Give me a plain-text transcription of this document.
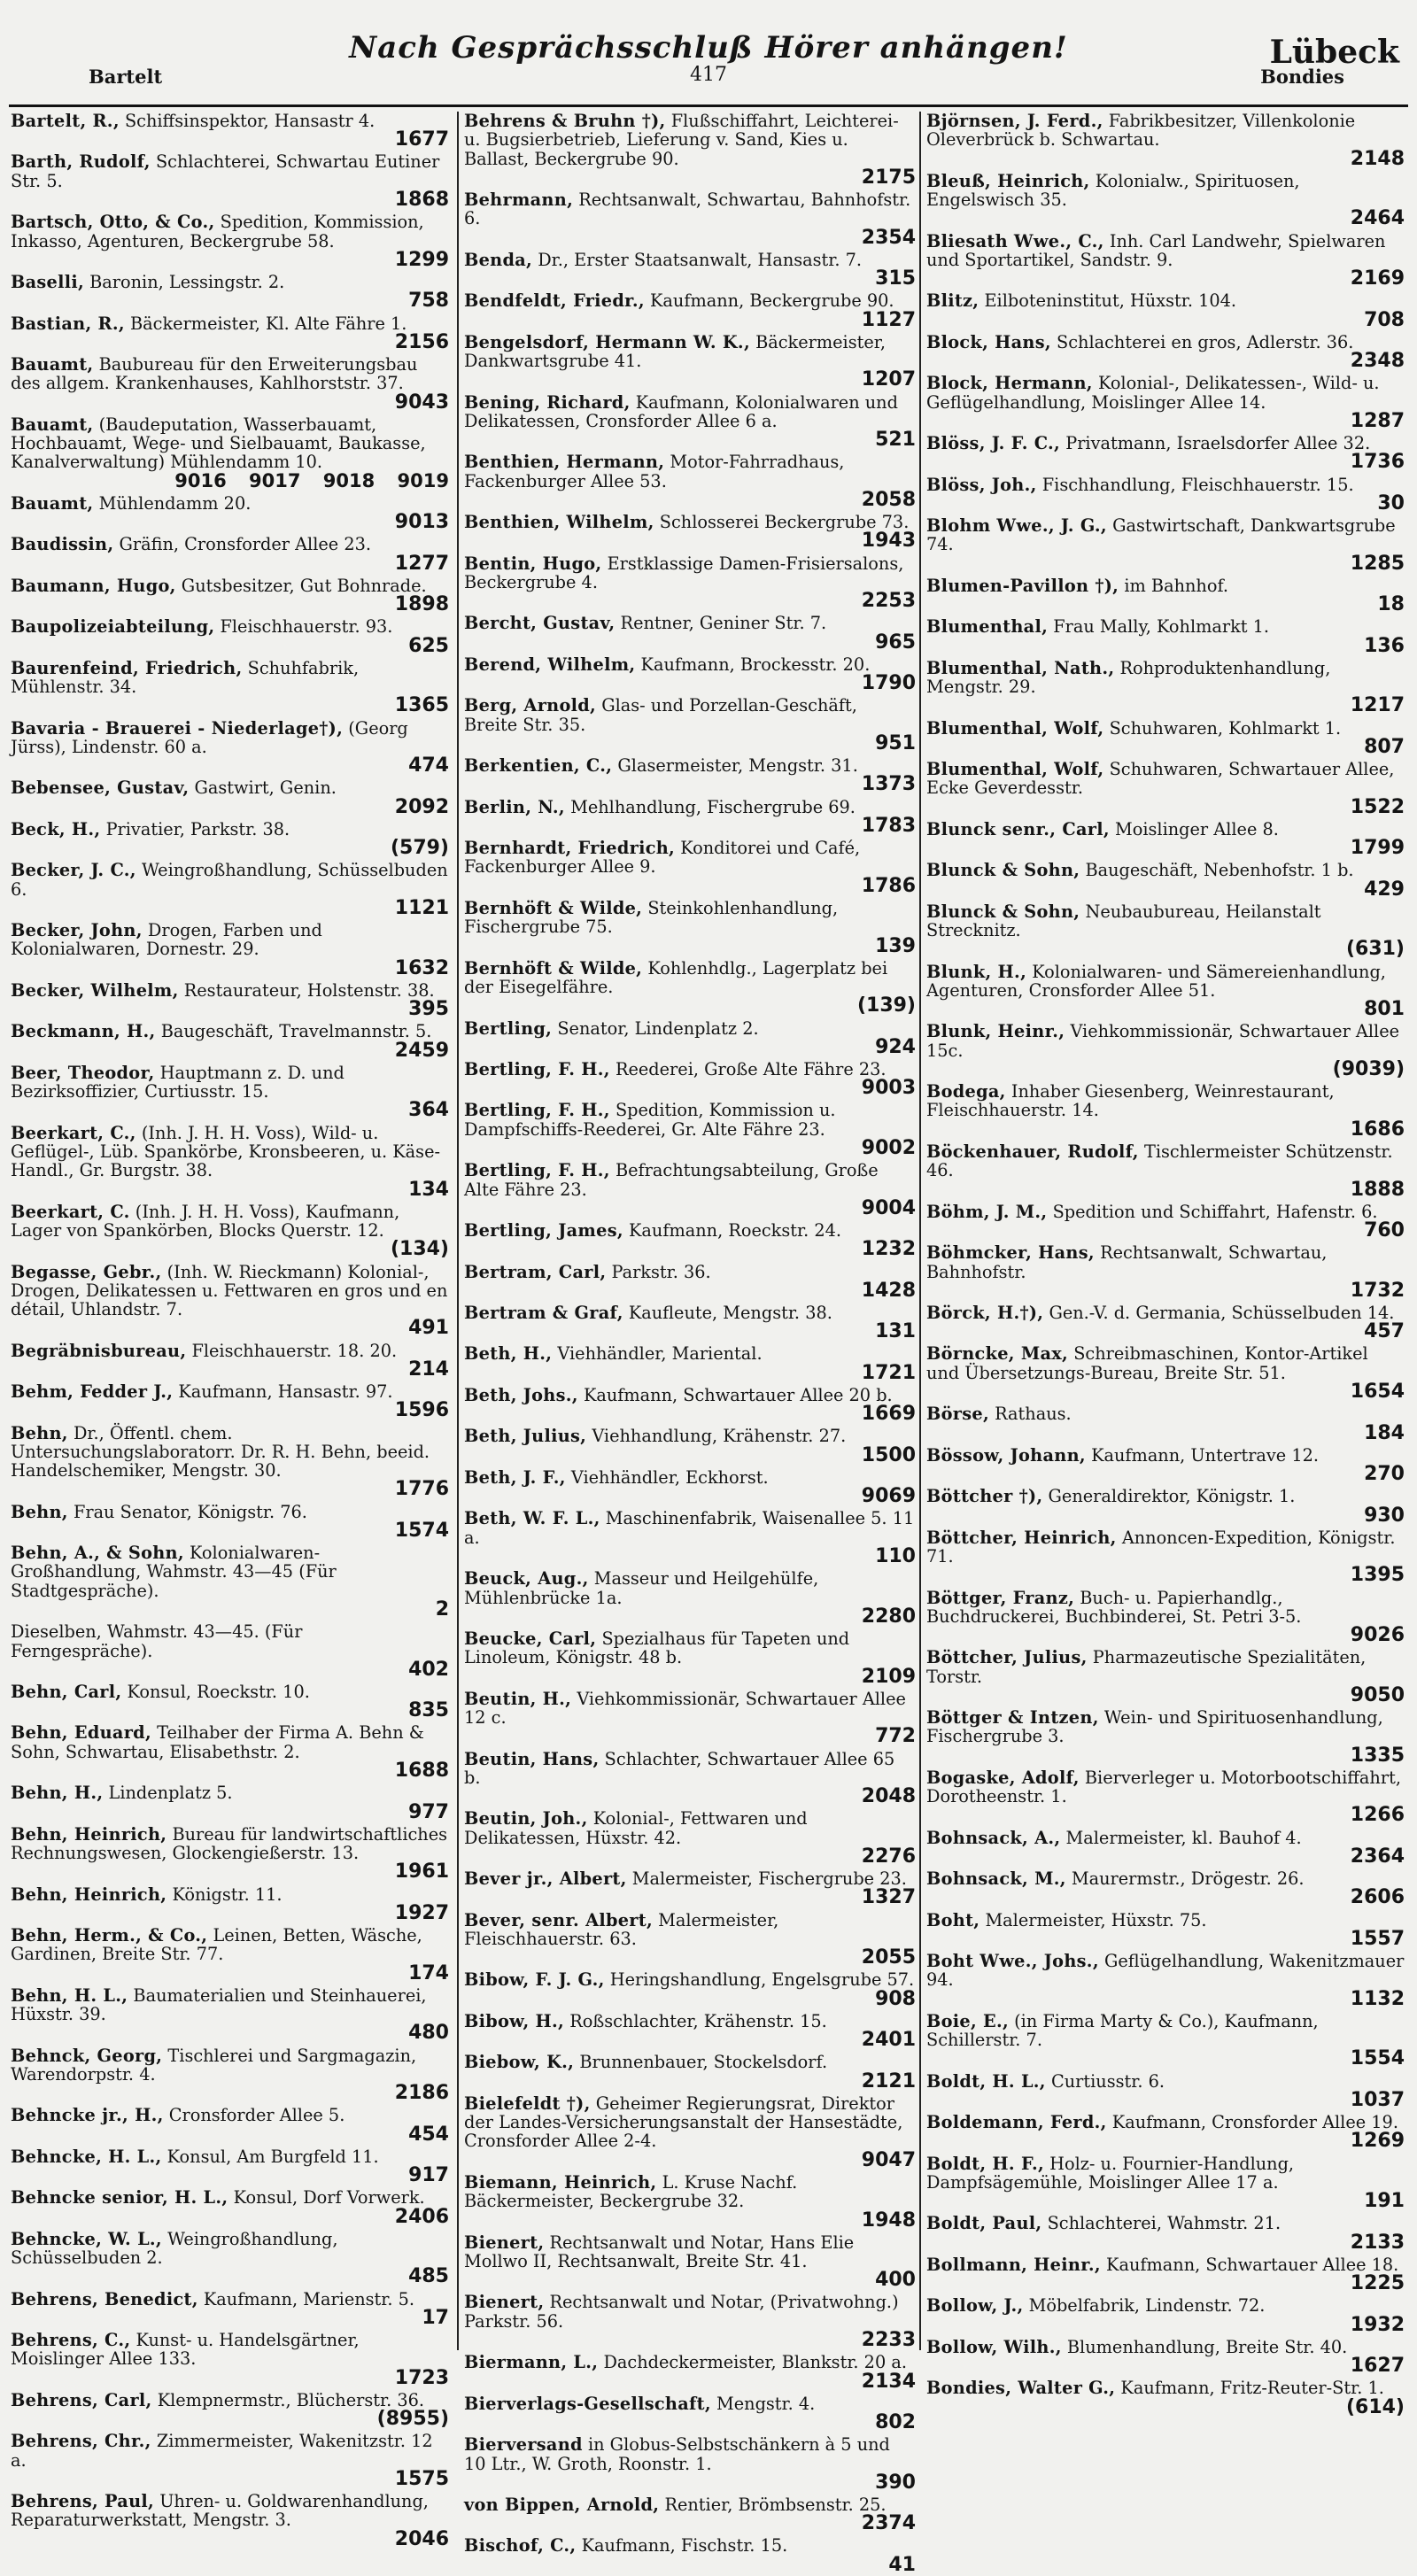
Nach Gesprächsschluß Hörer anhängen!
417
Bartelt	Bondies
Lübeck
Bartelt, R., Schiffsinspektor, Hansastr 4.
1677
Barth, Rudolf, Schlachterei, Schwartau Eutiner Str. 5.
1868
Bartsch, Otto, & Co., Spedition, Kommission, Inkasso, Agenturen, Beckergrube 58.
1299
Baselli, Baronin, Lessingstr. 2.
758
Bastian, R., Bäckermeister, Kl. Alte Fähre 1.
2156
Bauamt, Baubureau für den Erweiterungsbau des allgem. Krankenhauses, Kahlhorststr. 37.
9043
Bauamt, (Baudeputation, Wasserbauamt, Hochbauamt, Wege- und Sielbauamt, Baukasse, Kanalverwaltung) Mühlendamm 10.
9016 9017 9018 9019
Bauamt, Mühlendamm 20.
9013
Baudissin, Gräfin, Cronsforder Allee 23.
1277
Baumann, Hugo, Gutsbesitzer, Gut Bohnrade.
1898
Baupolizeiabteilung, Fleischhauerstr. 93.
625
Baurenfeind, Friedrich, Schuhfabrik, Mühlenstr. 34.
1365
Bavaria - Brauerei - Niederlage†), (Georg Jürss), Lindenstr. 60 a.
474
Bebensee, Gustav, Gastwirt, Genin.
2092
Beck, H., Privatier, Parkstr. 38.
(579)
Becker, J. C., Weingroßhandlung, Schüsselbuden 6.
1121
Becker, John, Drogen, Farben und Kolonialwaren, Dornestr. 29.
1632
Becker, Wilhelm, Restaurateur, Holstenstr. 38.
395
Beckmann, H., Baugeschäft, Travelmannstr. 5.
2459
Beer, Theodor, Hauptmann z. D. und Bezirksoffizier, Curtiusstr. 15.
364
Beerkart, C., (Inh. J. H. H. Voss), Wild- u. Geflügel-, Lüb. Spankörbe, Kronsbeeren, u. Käse-Handl., Gr. Burgstr. 38.
134
Beerkart, C. (Inh. J. H. H. Voss), Kaufmann, Lager von Spankörben, Blocks Querstr. 12.
(134)
Begasse, Gebr., (Inh. W. Rieckmann) Kolonial-, Drogen, Delikatessen u. Fettwaren en gros und en détail, Uhlandstr. 7.
491
Begräbnisbureau, Fleischhauerstr. 18. 20.
214
Behm, Fedder J., Kaufmann, Hansastr. 97.
1596
Behn, Dr., Öffentl. chem. Untersuchungslaboratorr. Dr. R. H. Behn, beeid. Handelschemiker, Mengstr. 30.
1776
Behn, Frau Senator, Königstr. 76.
1574
Behn, A., & Sohn, Kolonialwaren-Großhandlung, Wahmstr. 43—45 (Für Stadtgespräche).
2
Dieselben, Wahmstr. 43—45. (Für Ferngespräche).
402
Behn, Carl, Konsul, Roeckstr. 10.
835
Behn, Eduard, Teilhaber der Firma A. Behn & Sohn, Schwartau, Elisabethstr. 2.
1688
Behn, H., Lindenplatz 5.
977
Behn, Heinrich, Bureau für landwirtschaftliches Rechnungswesen, Glockengießerstr. 13.
1961
Behn, Heinrich, Königstr. 11.
1927
Behn, Herm., & Co., Leinen, Betten, Wäsche, Gardinen, Breite Str. 77.
174
Behn, H. L., Baumaterialien und Steinhauerei, Hüxstr. 39.
480
Behnck, Georg, Tischlerei und Sargmagazin, Warendorpstr. 4.
2186
Behncke jr., H., Cronsforder Allee 5.
454
Behncke, H. L., Konsul, Am Burgfeld 11.
917
Behncke senior, H. L., Konsul, Dorf Vorwerk.
2406
Behncke, W. L., Weingroßhandlung, Schüsselbuden 2.
485
Behrens, Benedict, Kaufmann, Marienstr. 5.
17
Behrens, C., Kunst- u. Handelsgärtner, Moislinger Allee 133.
1723
Behrens, Carl, Klempnermstr., Blücherstr. 36.
(8955)
Behrens, Chr., Zimmermeister, Wakenitzstr. 12 a.
1575
Behrens, Paul, Uhren- u. Goldwarenhandlung, Reparaturwerkstatt, Mengstr. 3.
2046
Behrens & Bruhn †), Flußschiffahrt, Leichterei- u. Bugsierbetrieb, Lieferung v. Sand, Kies u. Ballast, Beckergrube 90.
2175
Behrmann, Rechtsanwalt, Schwartau, Bahnhofstr. 6.
2354
Benda, Dr., Erster Staatsanwalt, Hansastr. 7.
315
Bendfeldt, Friedr., Kaufmann, Beckergrube 90.
1127
Bengelsdorf, Hermann W. K., Bäckermeister, Dankwartsgrube 41.
1207
Bening, Richard, Kaufmann, Kolonialwaren und Delikatessen, Cronsforder Allee 6 a.
521
Benthien, Hermann, Motor-Fahrradhaus, Fackenburger Allee 53.
2058
Benthien, Wilhelm, Schlosserei Beckergrube 73.
1943
Bentin, Hugo, Erstklassige Damen-Frisiersalons, Beckergrube 4.
2253
Bercht, Gustav, Rentner, Geniner Str. 7.
965
Berend, Wilhelm, Kaufmann, Brockesstr. 20.
1790
Berg, Arnold, Glas- und Porzellan-Geschäft, Breite Str. 35.
951
Berkentien, C., Glasermeister, Mengstr. 31.
1373
Berlin, N., Mehlhandlung, Fischergrube 69.
1783
Bernhardt, Friedrich, Konditorei und Café, Fackenburger Allee 9.
1786
Bernhöft & Wilde, Steinkohlenhandlung, Fischergrube 75.
139
Bernhöft & Wilde, Kohlenhdlg., Lagerplatz bei der Eisegelfähre.
(139)
Bertling, Senator, Lindenplatz 2.
924
Bertling, F. H., Reederei, Große Alte Fähre 23.
9003
Bertling, F. H., Spedition, Kommission u. Dampfschiffs-Reederei, Gr. Alte Fähre 23.
9002
Bertling, F. H., Befrachtungsabteilung, Große Alte Fähre 23.
9004
Bertling, James, Kaufmann, Roeckstr. 24.
1232
Bertram, Carl, Parkstr. 36.
1428
Bertram & Graf, Kaufleute, Mengstr. 38.
131
Beth, H., Viehhändler, Mariental.
1721
Beth, Johs., Kaufmann, Schwartauer Allee 20 b.
1669
Beth, Julius, Viehhandlung, Krähenstr. 27.
1500
Beth, J. F., Viehhändler, Eckhorst.
9069
Beth, W. F. L., Maschinenfabrik, Waisenallee 5. 11 a.
110
Beuck, Aug., Masseur und Heilgehülfe, Mühlenbrücke 1a.
2280
Beucke, Carl, Spezialhaus für Tapeten und Linoleum, Königstr. 48 b.
2109
Beutin, H., Viehkommissionär, Schwartauer Allee 12 c.
772
Beutin, Hans, Schlachter, Schwartauer Allee 65 b.
2048
Beutin, Joh., Kolonial-, Fettwaren und Delikatessen, Hüxstr. 42.
2276
Bever jr., Albert, Malermeister, Fischergrube 23.
1327
Bever, senr. Albert, Malermeister, Fleischhauerstr. 63.
2055
Bibow, F. J. G., Heringshandlung, Engelsgrube 57.
908
Bibow, H., Roßschlachter, Krähenstr. 15.
2401
Biebow, K., Brunnenbauer, Stockelsdorf.
2121
Bielefeldt †), Geheimer Regierungsrat, Direktor der Landes-Versicherungsanstalt der Hansestädte, Cronsforder Allee 2-4.
9047
Biemann, Heinrich, L. Kruse Nachf. Bäckermeister, Beckergrube 32.
1948
Bienert, Rechtsanwalt und Notar, Hans Elie Mollwo II, Rechtsanwalt, Breite Str. 41.
400
Bienert, Rechtsanwalt und Notar, (Privatwohng.) Parkstr. 56.
2233
Biermann, L., Dachdeckermeister, Blankstr. 20 a.
2134
Bierverlags-Gesellschaft, Mengstr. 4.
802
Bierversand in Globus-Selbstschänkern à 5 und 10 Ltr., W. Groth, Roonstr. 1.
390
von Bippen, Arnold, Rentier, Brömbsenstr. 25.
2374
Bischof, C., Kaufmann, Fischstr. 15.
41
Björnsen, J. Ferd., Fabrikbesitzer, Villenkolonie Oleverbrück b. Schwartau.
2148
Bleuß, Heinrich, Kolonialw., Spirituosen, Engelswisch 35.
2464
Bliesath Wwe., C., Inh. Carl Landwehr, Spielwaren und Sportartikel, Sandstr. 9.
2169
Blitz, Eilboteninstitut, Hüxstr. 104.
708
Block, Hans, Schlachterei en gros, Adlerstr. 36.
2348
Block, Hermann, Kolonial-, Delikatessen-, Wild- u. Geflügelhandlung, Moislinger Allee 14.
1287
Blöss, J. F. C., Privatmann, Israelsdorfer Allee 32.
1736
Blöss, Joh., Fischhandlung, Fleischhauerstr. 15.
30
Blohm Wwe., J. G., Gastwirtschaft, Dankwartsgrube 74.
1285
Blumen-Pavillon †), im Bahnhof.
18
Blumenthal, Frau Mally, Kohlmarkt 1.
136
Blumenthal, Nath., Rohproduktenhandlung, Mengstr. 29.
1217
Blumenthal, Wolf, Schuhwaren, Kohlmarkt 1.
807
Blumenthal, Wolf, Schuhwaren, Schwartauer Allee, Ecke Geverdesstr.
1522
Blunck senr., Carl, Moislinger Allee 8.
1799
Blunck & Sohn, Baugeschäft, Nebenhofstr. 1 b.
429
Blunck & Sohn, Neubaubureau, Heilanstalt Strecknitz.
(631)
Blunk, H., Kolonialwaren- und Sämereienhandlung, Agenturen, Cronsforder Allee 51.
801
Blunk, Heinr., Viehkommissionär, Schwartauer Allee 15c.
(9039)
Bodega, Inhaber Giesenberg, Weinrestaurant, Fleischhauerstr. 14.
1686
Böckenhauer, Rudolf, Tischlermeister Schützenstr. 46.
1888
Böhm, J. M., Spedition und Schiffahrt, Hafenstr. 6.
760
Böhmcker, Hans, Rechtsanwalt, Schwartau, Bahnhofstr.
1732
Börck, H.†), Gen.-V. d. Germania, Schüsselbuden 14.
457
Börncke, Max, Schreibmaschinen, Kontor-Artikel und Übersetzungs-Bureau, Breite Str. 51.
1654
Börse, Rathaus.
184
Bössow, Johann, Kaufmann, Untertrave 12.
270
Böttcher †), Generaldirektor, Königstr. 1.
930
Böttcher, Heinrich, Annoncen-Expedition, Königstr. 71.
1395
Böttger, Franz, Buch- u. Papierhandlg., Buchdruckerei, Buchbinderei, St. Petri 3-5.
9026
Böttcher, Julius, Pharmazeutische Spezialitäten, Torstr.
9050
Böttger & Intzen, Wein- und Spirituosenhandlung, Fischergrube 3.
1335
Bogaske, Adolf, Bierverleger u. Motorbootschiffahrt, Dorotheenstr. 1.
1266
Bohnsack, A., Malermeister, kl. Bauhof 4.
2364
Bohnsack, M., Maurermstr., Drögestr. 26.
2606
Boht, Malermeister, Hüxstr. 75.
1557
Boht Wwe., Johs., Geflügelhandlung, Wakenitzmauer 94.
1132
Boie, E., (in Firma Marty & Co.), Kaufmann, Schillerstr. 7.
1554
Boldt, H. L., Curtiusstr. 6.
1037
Boldemann, Ferd., Kaufmann, Cronsforder Allee 19.
1269
Boldt, H. F., Holz- u. Fournier-Handlung, Dampfsägemühle, Moislinger Allee 17 a.
191
Boldt, Paul, Schlachterei, Wahmstr. 21.
2133
Bollmann, Heinr., Kaufmann, Schwartauer Allee 18.
1225
Bollow, J., Möbelfabrik, Lindenstr. 72.
1932
Bollow, Wilh., Blumenhandlung, Breite Str. 40.
1627
Bondies, Walter G., Kaufmann, Fritz-Reuter-Str. 1.
(614)
